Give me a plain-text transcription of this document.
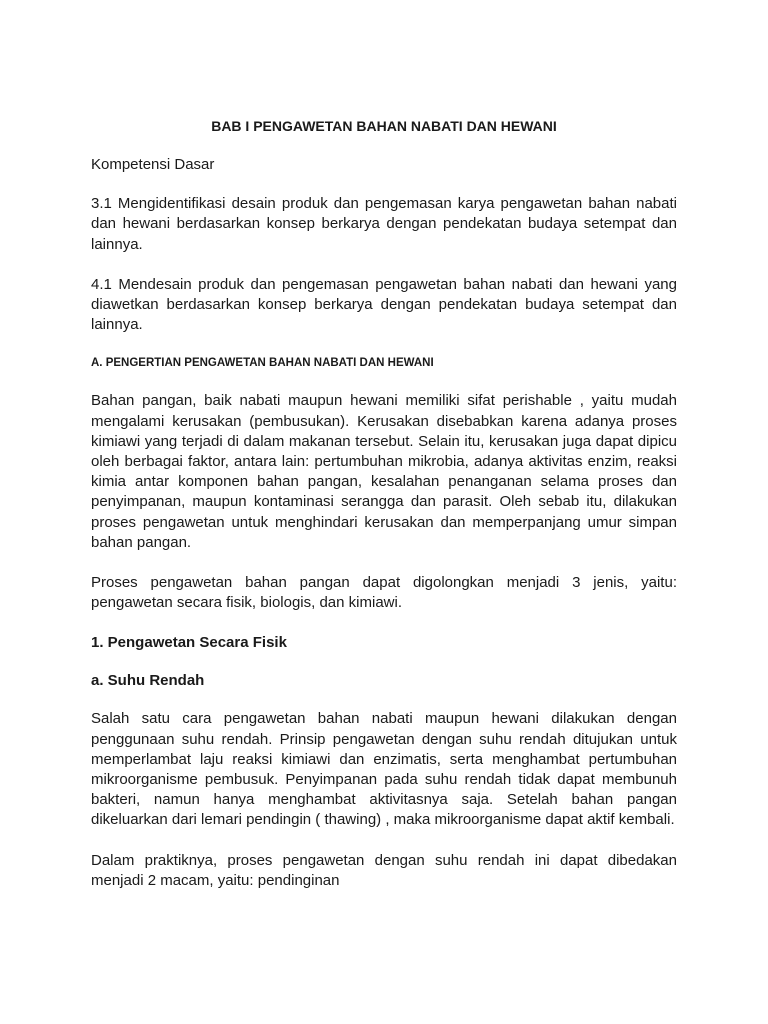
BAB I PENGAWETAN BAHAN NABATI DAN HEWANI

Kompetensi Dasar

3.1 Mengidentifikasi desain produk dan pengemasan karya pengawetan bahan nabati dan hewani berdasarkan konsep berkarya dengan pendekatan budaya setempat dan lainnya.

4.1 Mendesain produk dan pengemasan pengawetan bahan nabati dan hewani yang diawetkan berdasarkan konsep berkarya dengan pendekatan budaya setempat dan lainnya.

A. PENGERTIAN PENGAWETAN BAHAN NABATI DAN HEWANI

Bahan pangan, baik nabati maupun hewani memiliki sifat perishable , yaitu mudah mengalami kerusakan (pembusukan). Kerusakan disebabkan karena adanya proses kimiawi yang terjadi di dalam makanan tersebut. Selain itu, kerusakan juga dapat dipicu oleh berbagai faktor, antara lain: pertumbuhan mikrobia, adanya aktivitas enzim, reaksi kimia antar komponen bahan pangan, kesalahan penanganan selama proses dan penyimpanan, maupun kontaminasi serangga dan parasit. Oleh sebab itu, dilakukan proses pengawetan untuk menghindari kerusakan dan memperpanjang umur simpan bahan pangan.

Proses pengawetan bahan pangan dapat digolongkan menjadi 3 jenis, yaitu: pengawetan secara fisik, biologis, dan kimiawi.

1. Pengawetan Secara Fisik
a. Suhu Rendah

Salah satu cara pengawetan bahan nabati maupun hewani dilakukan dengan penggunaan suhu rendah. Prinsip pengawetan dengan suhu rendah ditujukan untuk memperlambat laju reaksi kimiawi dan enzimatis, serta menghambat pertumbuhan mikroorganisme pembusuk. Penyimpanan pada suhu rendah tidak dapat membunuh bakteri, namun hanya menghambat aktivitasnya saja. Setelah bahan pangan dikeluarkan dari lemari pendingin ( thawing) , maka mikroorganisme dapat aktif kembali.

Dalam praktiknya, proses pengawetan dengan suhu rendah ini dapat dibedakan menjadi 2 macam, yaitu: pendinginan
